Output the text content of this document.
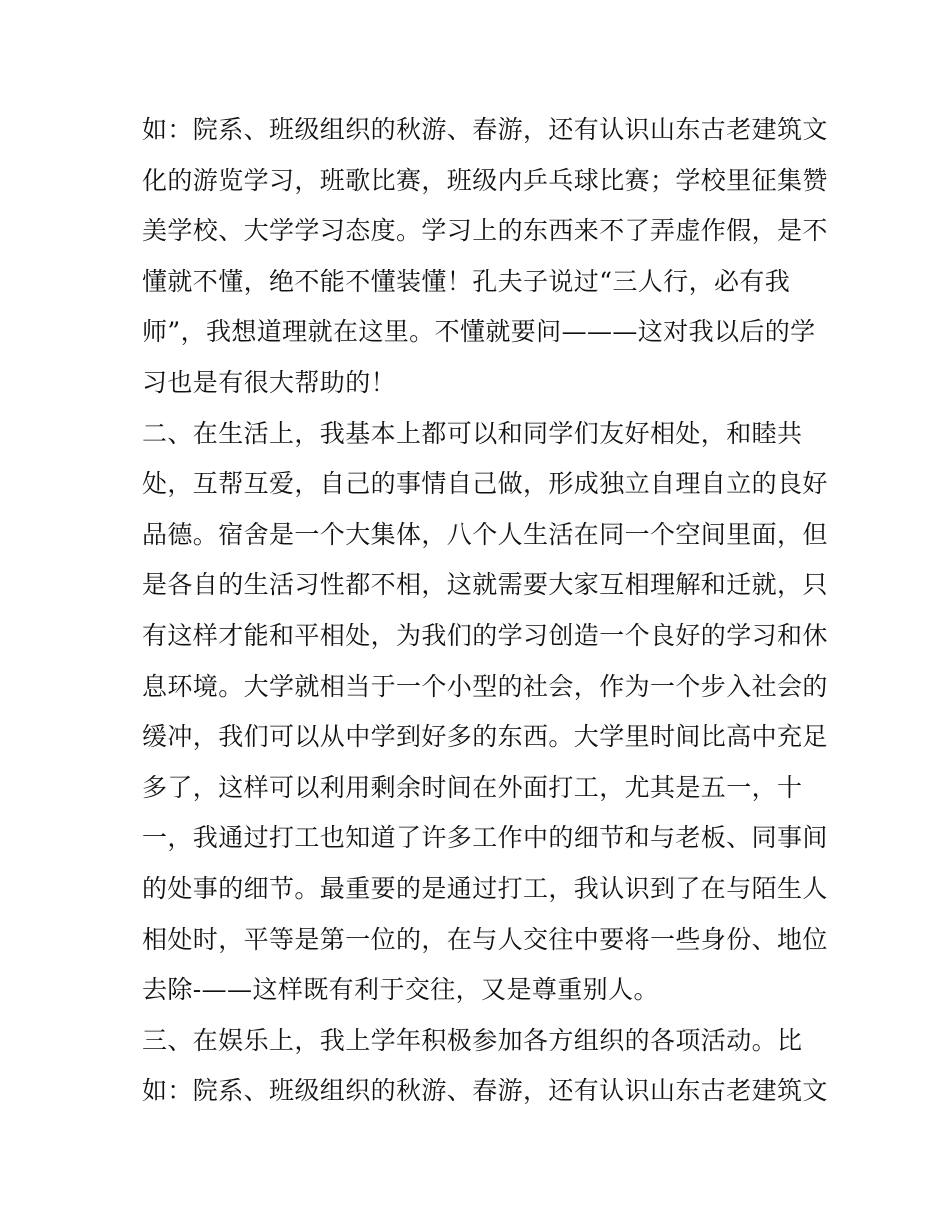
如：院系、班级组织的秋游、春游，还有认识山东古老建筑文
化的游览学习，班歌比赛，班级内乒乓球比赛；学校里征集赞
美学校、大学学习态度。学习上的东西来不了弄虚作假，是不
懂就不懂，绝不能不懂装懂！孔夫子说过“三人行，必有我
师”，我想道理就在这里。不懂就要问———这对我以后的学
习也是有很大帮助的！
二、在生活上，我基本上都可以和同学们友好相处，和睦共
处，互帮互爱，自己的事情自己做，形成独立自理自立的良好
品德。宿舍是一个大集体，八个人生活在同一个空间里面，但
是各自的生活习性都不相，这就需要大家互相理解和迁就，只
有这样才能和平相处，为我们的学习创造一个良好的学习和休
息环境。大学就相当于一个小型的社会，作为一个步入社会的
缓冲，我们可以从中学到好多的东西。大学里时间比高中充足
多了，这样可以利用剩余时间在外面打工，尤其是五一，十
一，我通过打工也知道了许多工作中的细节和与老板、同事间
的处事的细节。最重要的是通过打工，我认识到了在与陌生人
相处时，平等是第一位的，在与人交往中要将一些身份、地位
去除-——这样既有利于交往，又是尊重别人。
三、在娱乐上，我上学年积极参加各方组织的各项活动。比
如：院系、班级组织的秋游、春游，还有认识山东古老建筑文
